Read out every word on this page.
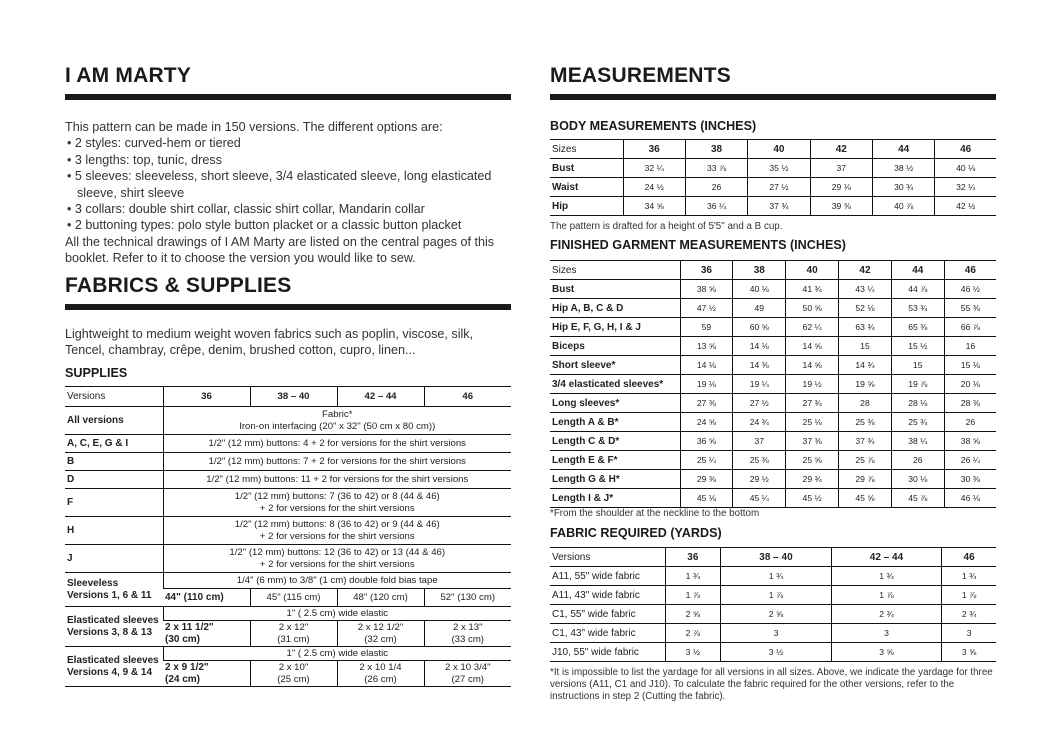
I AM MARTY

This pattern can be made in 150 versions. The different options are:

• 2 styles: curved-hem or tiered

• 3 lengths: top, tunic, dress

• 5 sleeves: sleeveless, short sleeve, 3/4 elasticated sleeve, long elasticated sleeve, shirt sleeve

• 3 collars: double shirt collar, classic shirt collar, Mandarin collar

• 2 buttoning types: polo style button placket or a classic button placket

All the technical drawings of I AM Marty are listed on the central pages of this booklet. Refer to it to choose the version you would like to sew.

FABRICS & SUPPLIES
Lightweight to medium weight woven fabrics such as poplin, viscose, silk, Tencel, chambray, crêpe, denim, brushed cotton, cupro, linen...
SUPPLIES
Versions	36	38 – 40	42 – 44	46
All versions	Fabric*
Iron-on interfacing (20" x 32" (50 cm x 80 cm))			
A, C, E, G & I	1/2" (12 mm) buttons: 4 + 2 for versions for the shirt versions			
B	1/2" (12 mm) buttons: 7 + 2 for versions for the shirt versions			
D	1/2" (12 mm) buttons: 11 + 2 for versions for the shirt versions			
F	1/2" (12 mm) buttons: 7 (36 to 42) or 8 (44 & 46)
+ 2 for versions for the shirt versions			
H	1/2" (12 mm) buttons: 8 (36 to 42) or 9 (44 & 46)
+ 2 for versions for the shirt versions			
J	1/2" (12 mm) buttons: 12 (36 to 42) or 13 (44 & 46)
+ 2 for versions for the shirt versions			
Sleeveless
Versions 1, 6 & 11	1/4" (6 mm) to 3/8" (1 cm) double fold bias tape			
	44" (110 cm)	45" (115 cm)	48" (120 cm)	52" (130 cm)
Elasticated sleeves
Versions 3, 8 & 13	1" ( 2.5 cm) wide elastic			
	2 x 11 1/2"
(30 cm)	2 x 12"
(31 cm)	2 x 12 1/2"
(32 cm)	2 x 13"
(33 cm)
Elasticated sleeves
Versions 4, 9 & 14	1" ( 2.5 cm) wide elastic			
	2 x 9 1/2"
(24 cm)	2 x 10"
(25 cm)	2 x 10 1/4
(26 cm)	2 x 10 3/4"
(27 cm)
MEASUREMENTS
BODY MEASUREMENTS (INCHES)
Sizes	36	38	40	42	44	46
Bust	32 ¼	33 ⅞	35 ½	37	38 ½	40 ⅛
Waist	24 ½	26	27 ½	29 ⅛	30 ¾	32 ¼
Hip	34 ⅝	36 ¼	37 ¾	39 ⅜	40 ⅞	42 ½
The pattern is drafted for a height of 5'5" and a B cup.
FINISHED GARMENT MEASUREMENTS (INCHES)
Sizes	36	38	40	42	44	46
Bust	38 ⅝	40 ⅛	41 ¾	43 ¼	44 ⅞	46 ½
Hip A, B, C & D	47 ½	49	50 ⅝	52 ⅛	53 ¾	55 ⅜
Hip E, F, G, H, I & J	59	60 ⅝	62 ¼	63 ¾	65 ⅜	66 ⅞
Biceps	13 ⅝	14 ⅛	14 ⅝	15	15 ½	16
Short sleeve*	14 ⅛	14 ⅜	14 ⅝	14 ¾	15	15 ⅛
3/4 elasticated sleeves*	19 ⅛	19 ¼	19 ½	19 ⅝	19 ⅞	20 ⅛
Long sleeves*	27 ⅜	27 ½	27 ¾	28	28 ⅛	28 ⅜
Length A & B*	24 ⅝	24 ¾	25 ⅛	25 ⅜	25 ¾	26
Length C & D*	36 ⅝	37	37 ⅜	37 ¾	38 ¼	38 ⅝
Length E & F*	25 ¼	25 ⅜	25 ⅝	25 ⅞	26	26 ¼
Length G & H*	29 ⅜	29 ½	29 ¾	29 ⅞	30 ⅛	30 ⅜
Length I & J*	45 ⅛	45 ¼	45 ½	45 ⅝	45 ⅞	46 ⅛
*From the shoulder at the neckline to the bottom
FABRIC REQUIRED (YARDS)
Versions	36	38 – 40	42 – 44	46
A11, 55" wide fabric	1 ¾	1 ¾	1 ¾	1 ¾
A11, 43" wide fabric	1 ⅞	1 ⅞	1 ⅞	1 ⅞
C1, 55" wide fabric	2 ⅝	2 ⅝	2 ¾	2 ¾
C1, 43" wide fabric	2 ⅞	3	3	3
J10, 55" wide fabric	3 ½	3 ½	3 ⅝	3 ⅝
*It is impossible to list the yardage for all versions in all sizes. Above, we indicate the yardage for three versions (A11, C1 and J10). To calculate the fabric required for the other versions, refer to the instructions in step 2 (Cutting the fabric).
